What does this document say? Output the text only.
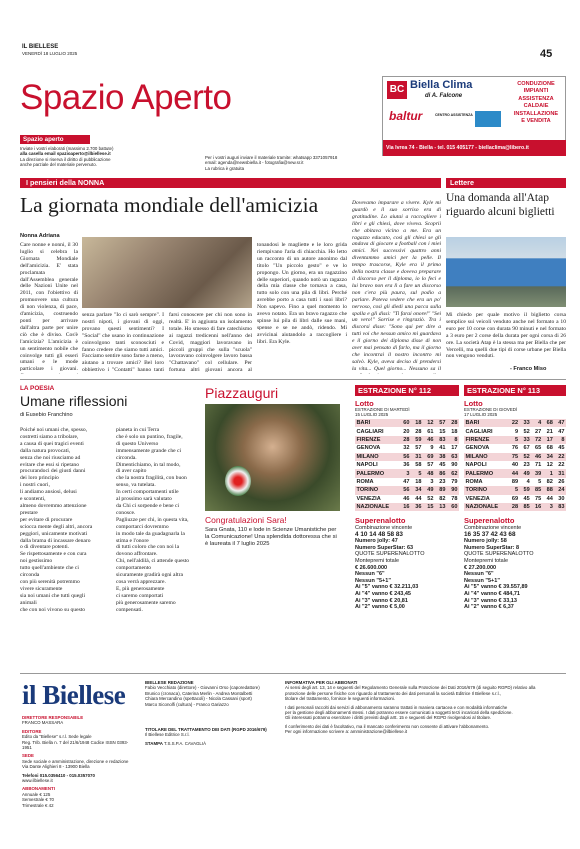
IL BIELLESE
VENERDÌ 18 LUGLIO 2025	45
Spazio Aperto	BC Biella Clima
di A. Falcone
CONDUZIONE
IMPIANTI
ASSISTENZA
CALDAIE
INSTALLAZIONE
E VENDITA
baltur	CENTRO ASSISTENZA
Via Ivrea 74 - Biella - tel. 015 405177 - biellaclima@libero.it
Spazio aperto
Inviate i vostri elaborati (massimo 2.700 battute)
alla casella email spazioaperto@ilbiellese.it
La direzione si riserva il diritto di pubblicazione
anche parziale del materiale pervenuto.
Per i vostri auguri inviare il materiale tramite: whatsapp 3371057918
email: agenda@newsbiella.it - fotografia@new.sr.it
La rubrica è gratuita
I pensieri della NONNA
La giornata mondiale dell'amicizia
Nonna Adriana
Care nonne e nonni, il 30 luglio si celebra la Giornata Mondiale dell'amicizia. E' stata proclamata dall'Assemblea generale delle Nazioni Unite nel 2011, con l'obiettivo di promuovere una cultura di non violenza, di pace, d'amicizia, costruendo ponti per arrivare dall'altra parte per unire ciò che è diviso. Cos'è l'amicizia? L'amicizia è un sentimento nobile che coinvolge tutti gli esseri umani e le mode particolare i giovani.
senza parlare "Io ci sarò sempre". I nostri nipoti, i giovani di oggi, provano questi sentimenti? I "Social" che usano in continuazione coinvolgono tanti sconosciuti e fanno credere che siamo tutti amici. Facciamo sentire sono farne a meno, aiutano a trovare amici? Bel loro obbiettivo i "Contatti" hanno tanti
farsi conoscere per chi non sono in realtà. E' in aggiunta un isolamento totale. Ho smesso di fare catechismo ai ragazzi tredicenni nell'anno del Covid, maggiori lavoravano in piccoli gruppi che sulla "scuola" lavoravano coinvolgere lavoro bassa "Chattavano" col cellulare. Per fortuna altri giovani ancora al
tonandosi le magliette e le loro grida riempivano l'aria di chiacchia. Ho letto un racconto di un autore anonimo dal titolo "Un piccolo gesto" e ve lo propongo. Un giorno, era un ragazzino delle superiori, quando notò un ragazzo della mia classe che tornava a casa, tutto solo con una pila di libri. Perché avrebbe porto a casa tutti i suoi libri? Non sapevo. Fino a quel momento lo avevo notato. Era un bravo ragazzo che spinse lui pila di libri dalle sue mani, spense e se ne andò, ridendo. Mi avvicinai aiutandolo a raccogliere i libri. Era Kyle.
Dovevamo imparare a vivere. Kyle mi guardò e il suo sorriso era di gratitudine. Lo aiutai a raccogliere i libri e gli chiesi, dove viveva. Scoprii che abitava vicino a me. Era un ragazzo educato, così gli chiesi se gli andava di giocare a football con i miei amici. Nei successivi quattro anni diventammo amici per la pelle. Il tempo trascorse, Kyle era il primo della nostra classe e doveva preparare il discorso per il diploma, io lo feci e lui bravo non era lì a fare un discorso non c'era più paura, sul podio a parlare. Poteva vedere che era un po' nervoso, così gli diedi una pacca sulla spalla e gli dissi: "Ti farai onore!" "Sei un vero!" Sorrise e ringraziò. Tra i discorsi disse: "Sono qui per dire a tutti voi che nessun amico mi guardava e il giorno dei diploma disse di non aver mai pensato di farlo, ma il giorno che incontrai il nostro incontro mi salvò. Kyle, aveva deciso di prendersi la vita... Quel giorno... Nessuno sa il
Lettere
Una domanda all'Atap riguardo alcuni biglietti
Mi chiedo per quale motivo il biglietto corsa semplice sui veicoli venduto anche nel formato a 10 euro per 10 corse con durata 90 minuti e nel formato a 3 euro per 2 corse della durata per ogni corsa di 26 ore. La società Atap è la stessa ma per Biella che per Vercelli, ma quelli due tipi di corse urbane per Biella non vengono venduti.
- Franco Miso
LA POESIA
Umane riflessioni
di Eusebio Franchino
Poiché noi umani che, spesso,
costretti siamo a tribolare,
a causa di quei tragici eventi
dalla natura provocati,
senza che noi riusciamo ad
evitare che essi si ripetano
procurandoci dei giusti danni
dei loro principio
i nostri cuori,
li andiamo ansiosi, delusi
e scontenti,
almeno dovremmo attenzione
prestare
per evitare di procurare
sciocca mente degli altri, ancora
peggiori, unicamente motivati
dalla brama di incassare denaro
o di diventare potenti.
Se rispettosamente e con cura
noi gestissimo
tutto quell'ambiente che ci
circonda
con più serenità potremmo
vivere sicuramente
sia noi umani che tutti quegli
animali
che con noi vivono su questo
pianeta in cui Terra
che è solo un puntino, fragile,
di questo Universo
immensamente grande che ci
circonda.
Dimentichiamo, in tal modo,
di aver capito
che la nostra fragilità, con buon
senso, va tutelata.
In certi comportamenti utile
al prossimo sarà valutato
da Chi ci sorpende e bene ci
conosce.
Pagliuzze per chi, in questa vita,
comportarci dovremmo
in modo tale da guadagnarla la
stima e l'onore
di tutti coloro che con noi la
dovono affrontare.
Chi, nell'aldilà, ci attende questo
comportamento
sicuramente gradirà ogni altra
cosa verrà apprezzare.
E, più generosamente
ci saremo comportati
più generosamente saremo
compensati.
Piazzauguri
Congratulazioni Sara!
Sara Gnata, 110 e lode in Scienze Umanistiche per la Comunicazione! Una splendida dottoressa che si è laureata il 7 luglio 2025
ESTRAZIONE N° 112
Lotto
ESTRAZIONE DI MARTEDÌ
15 LUGLIO 2025
BARI	60	18	12	57	28
CAGLIARI	20	28	61	15	18
FIRENZE	28	59	46	83	8
GENOVA	32	57	9	41	17
MILANO	56	31	69	38	63
NAPOLI	36	58	57	45	90
PALERMO	3	5	48	86	62
ROMA	47	18	3	23	79
TORINO	56	34	49	89	90
VENEZIA	46	44	52	82	78
NAZIONALE	16	36	15	13	60
Superenalotto
Combinazione vincente
4 10 14 48 58 83
Numero jolly: 47
Numero SuperStar: 63
QUOTE SUPERENALOTTO
Montepremi totale
€ 26.600.000
Nessun "6"
Nessun "5+1"
Ai "5" vanno € 32.211,03
Ai "4" vanno € 243,45
Ai "3" vanno € 20,81
Ai "2" vanno € 5,00
ESTRAZIONE N° 113
Lotto
ESTRAZIONE DI GIOVEDÌ
17 LUGLIO 2025
BARI	22	33	4	68	47
CAGLIARI	9	52	27	21	47
FIRENZE	5	33	72	17	8
GENOVA	76	67	65	68	45
MILANO	75	52	46	34	22
NAPOLI	40	23	71	12	22
PALERMO	44	49	39	1	31
ROMA	89	4	5	82	26
TORINO	5	59	85	88	24
VENEZIA	69	45	75	44	30
NAZIONALE	28	85	16	3	83
Superenalotto
Combinazione vincente
16 35 37 42 43 68
Numero jolly: 58
Numero SuperStar: 8
QUOTE SUPERENALOTTO
Montepremi totale
€ 27.200.000
Nessun "6"
Nessun "5+1"
Ai "5" vanno € 39.557,89
Ai "4" vanno € 484,71
Ai "3" vanno € 33,13
Ai "2" vanno € 6,37
il Biellese
DIRETTORE RESPONSABILE
FRANCO MASSARA
EDITORE
Edito da "Biellese" s.r.l. Sede legale
Reg. Trib. Biella n. 7 del 21/6/1948 Codice ISSN 0393-1951
SEDE
Sede sociale e amministrazione, direzione e redazione
Via Dante Alighieri 8 - 13900 Biella
Telefoni 015.0356410 - 015.0357070
www.ilbiellese.it
ABBONAMENTI
Annuale € 125
Semestrale € 70
Trimestrale € 42
BIELLESE REDAZIONE
Fabio Vecchiato (direttore) - Giovanni Orso (caporedattore)
Brunico (cronaca), Caterina Merlin - Andrea Montalbetti
Chiara Mercandino (spettacoli) - Nicola Cassani (sport)
Marco Siconolfi (cultura) - Franco Gariazzo
TITOLARE DEL TRATTAMENTO DEI DATI (RGPD 2016/679)
Il Biellese Editrice S.r.l.
STAMPA T.S.S.P.A. CAVAGLIÀ
INFORMATIVA PER GLI ABBONATI
Ai sensi degli art. 13, 14 e seguenti del Regolamento Generale sulla Protezione dei Dati 2016/679 (di seguito RGPD) relativo alla
protezione delle persone fisiche con riguardo al trattamento dei dati personali la società Editrice Il Biellese s.r.l.,
titolare del trattamento, fornisce le seguenti informazioni.
I dati personali raccolti dai servizi di abbonamento saranno trattati in maniera cartacea e con modalità informatiche
per la gestione degli abbonamenti stessi. I dati potranno essere comunicati a soggetti terzi incaricati della spedizione.
Gli interessati potranno esercitare i diritti previsti dagli artt. 15 e seguenti del RGPD rivolgendosi al titolare.
Il conferimento dei dati è facoltativo, ma il mancato conferimento non consente di attivare l'abbonamento.
Per ogni informazione scrivere a: amministrazione@ilbiellese.it
